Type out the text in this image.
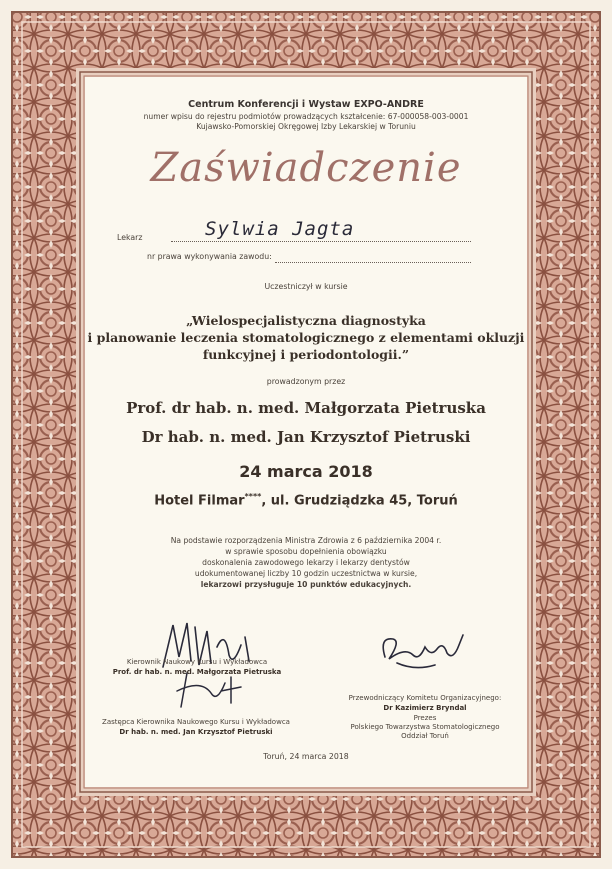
Centrum Konferencji i Wystaw EXPO-ANDRE
numer wpisu do rejestru podmiotów prowadzących kształcenie: 67-000058-003-0001
Kujawsko-Pomorskiej Okręgowej Izby Lekarskiej w Toruniu
Zaświadczenie
Lekarz	Sylwia Jagta
nr prawa wykonywania zawodu:
Uczestniczył w kursie
„Wielospecjalistyczna diagnostyka
i planowanie leczenia stomatologicznego z elementami okluzji
funkcyjnej i periodontologii.”
prowadzonym przez
Prof. dr hab. n. med. Małgorzata Pietruska
Dr hab. n. med. Jan Krzysztof Pietruski
24 marca 2018
Hotel Filmar****, ul. Grudziądzka 45, Toruń
Na podstawie rozporządzenia Ministra Zdrowia z 6 października 2004 r.
w sprawie sposobu dopełnienia obowiązku
doskonalenia zawodowego lekarzy i lekarzy dentystów
udokumentowanej liczby 10 godzin uczestnictwa w kursie,
lekarzowi przysługuje 10 punktów edukacyjnych.
Kierownik Naukowy Kursu i Wykładowca
Prof. dr hab. n. med. Małgorzata Pietruska
Zastępca Kierownika Naukowego Kursu i Wykładowca
Dr hab. n. med. Jan Krzysztof Pietruski
Przewodniczący Komitetu Organizacyjnego:
Dr Kazimierz Bryndal
Prezes
Polskiego Towarzystwa Stomatologicznego
Oddział Toruń
Toruń, 24 marca 2018
